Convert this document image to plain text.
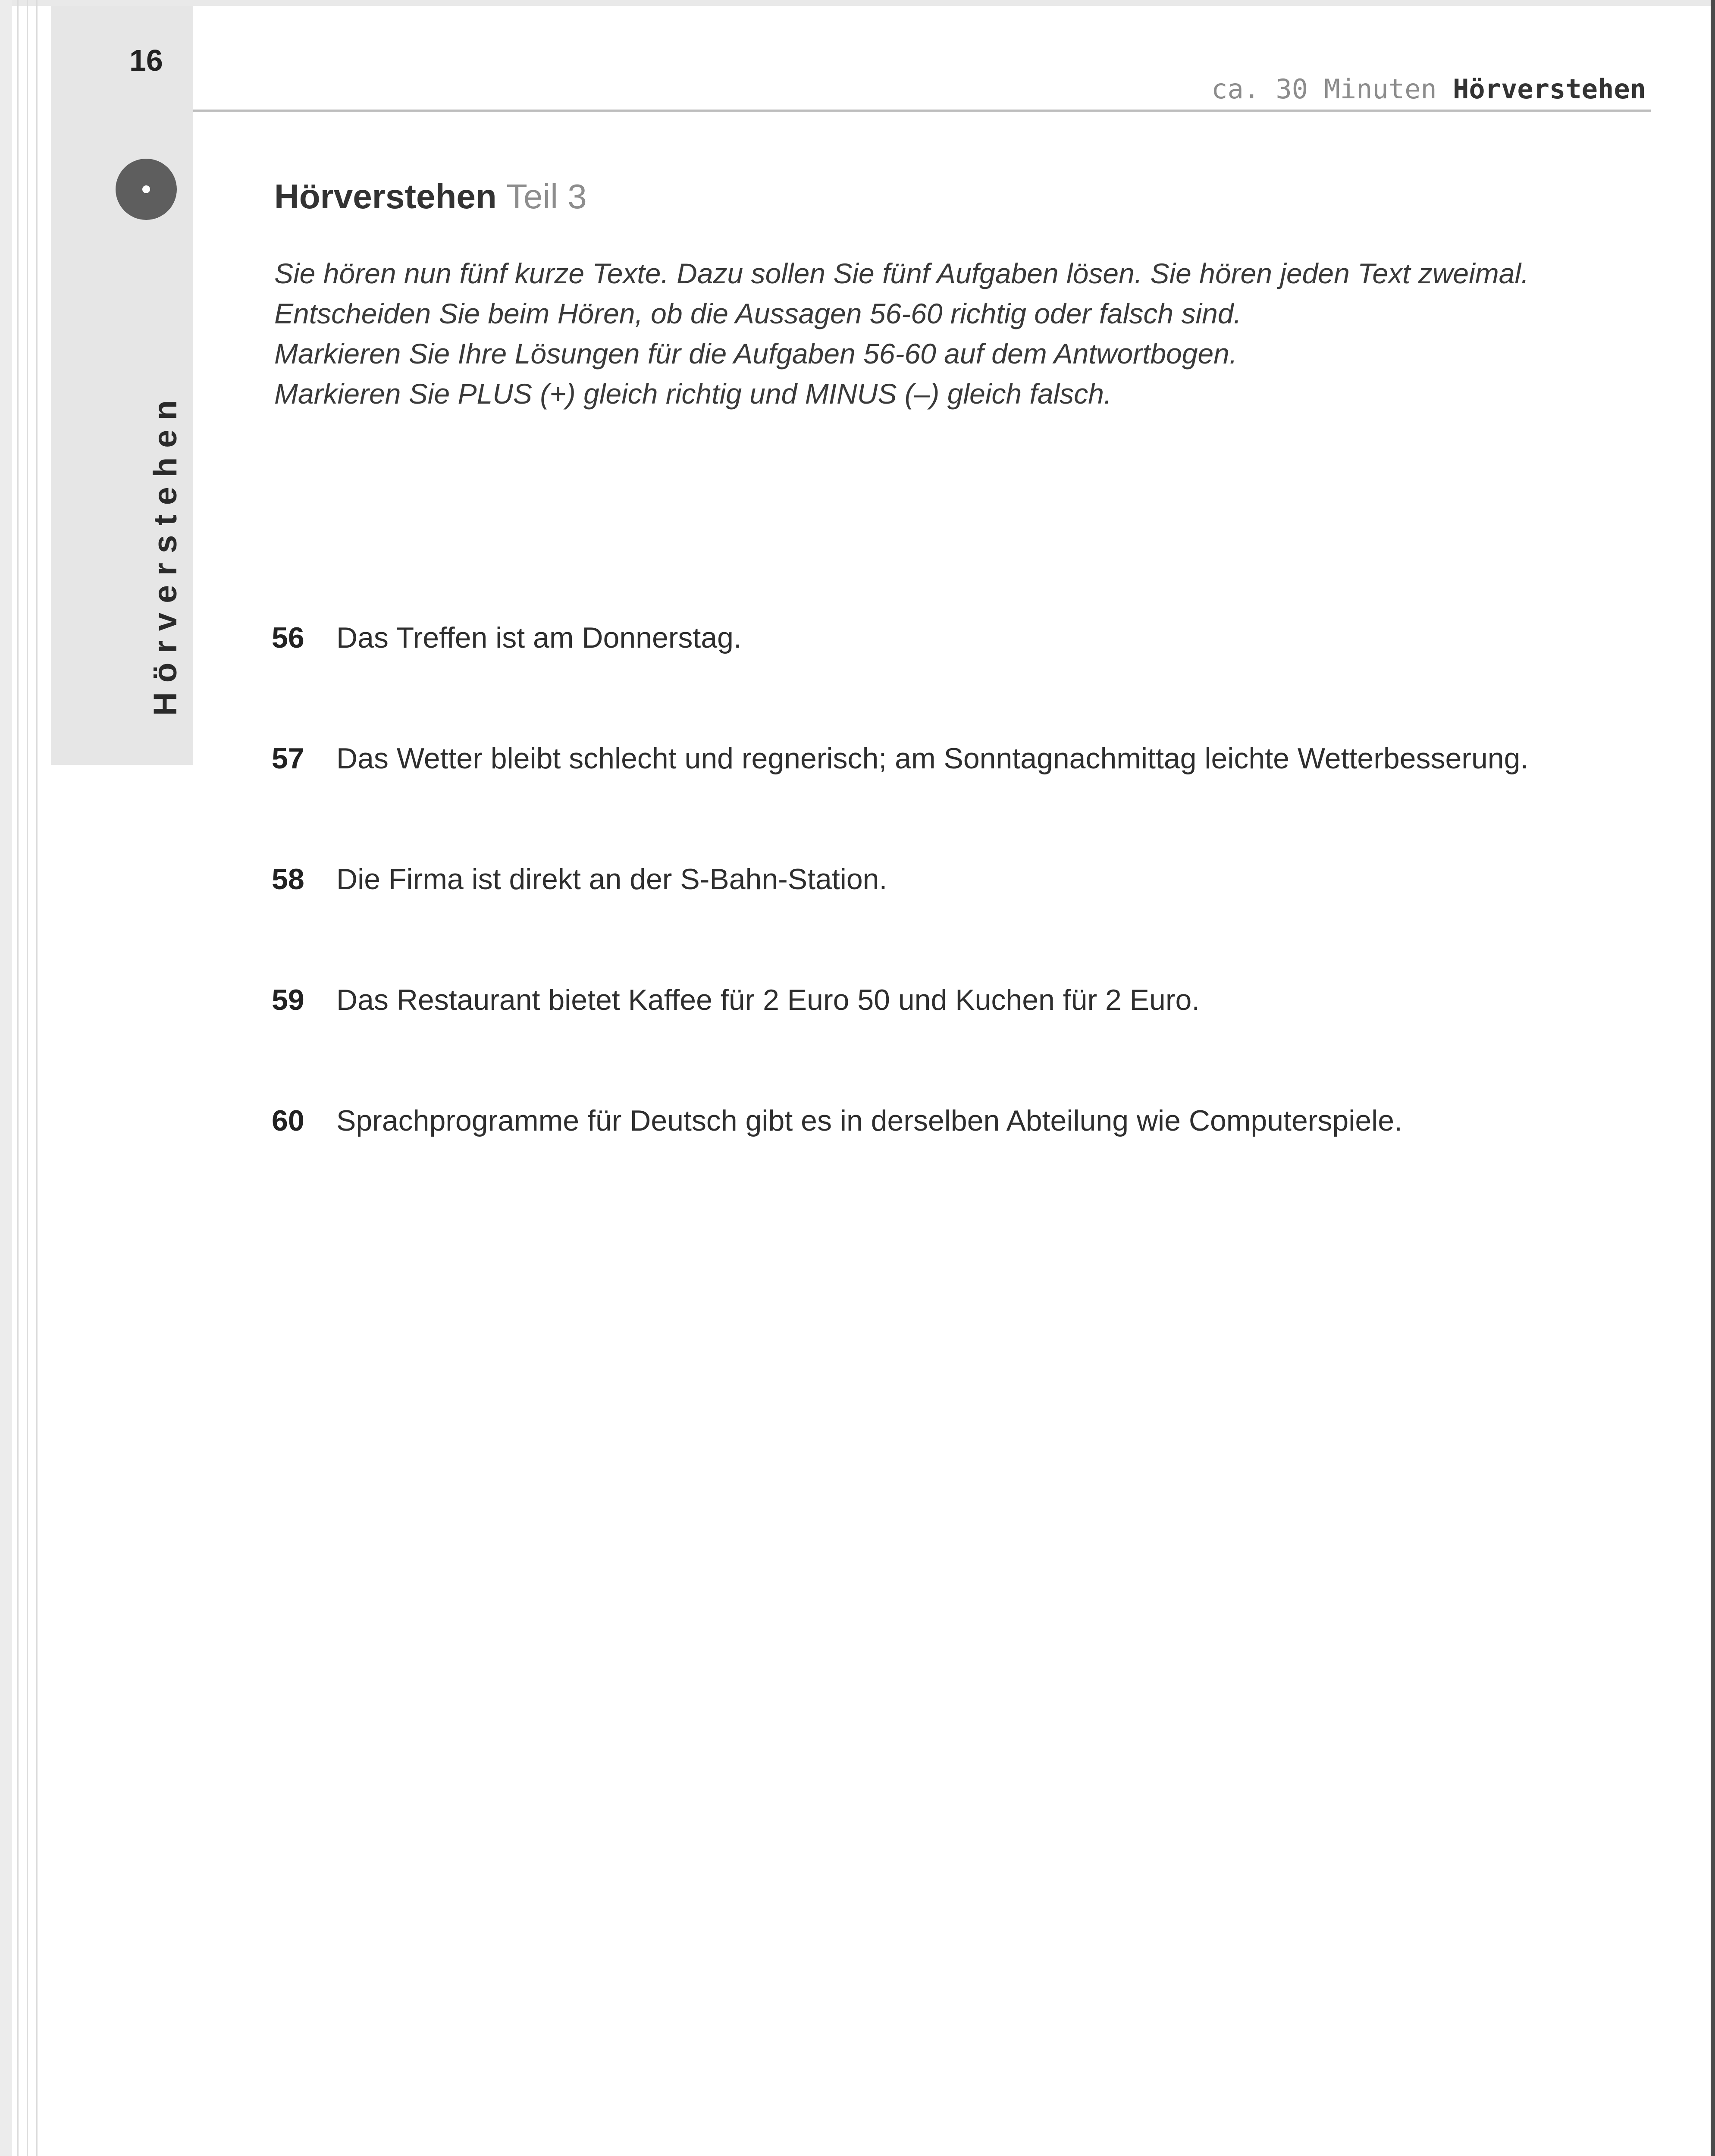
16
Hörverstehen
ca. 30 Minuten Hörverstehen
Hörverstehen Teil 3
Sie hören nun fünf kurze Texte. Dazu sollen Sie fünf Aufgaben lösen. Sie hören jeden Text zweimal.
Entscheiden Sie beim Hören, ob die Aussagen 56-60 richtig oder falsch sind.
Markieren Sie Ihre Lösungen für die Aufgaben 56-60 auf dem Antwortbogen.
Markieren Sie PLUS (+) gleich richtig und MINUS (–) gleich falsch.
56 Das Treffen ist am Donnerstag.
57 Das Wetter bleibt schlecht und regnerisch; am Sonntagnachmittag leichte Wetterbesserung.
58 Die Firma ist direkt an der S-Bahn-Station.
59 Das Restaurant bietet Kaffee für 2 Euro 50 und Kuchen für 2 Euro.
60 Sprachprogramme für Deutsch gibt es in derselben Abteilung wie Computerspiele.
